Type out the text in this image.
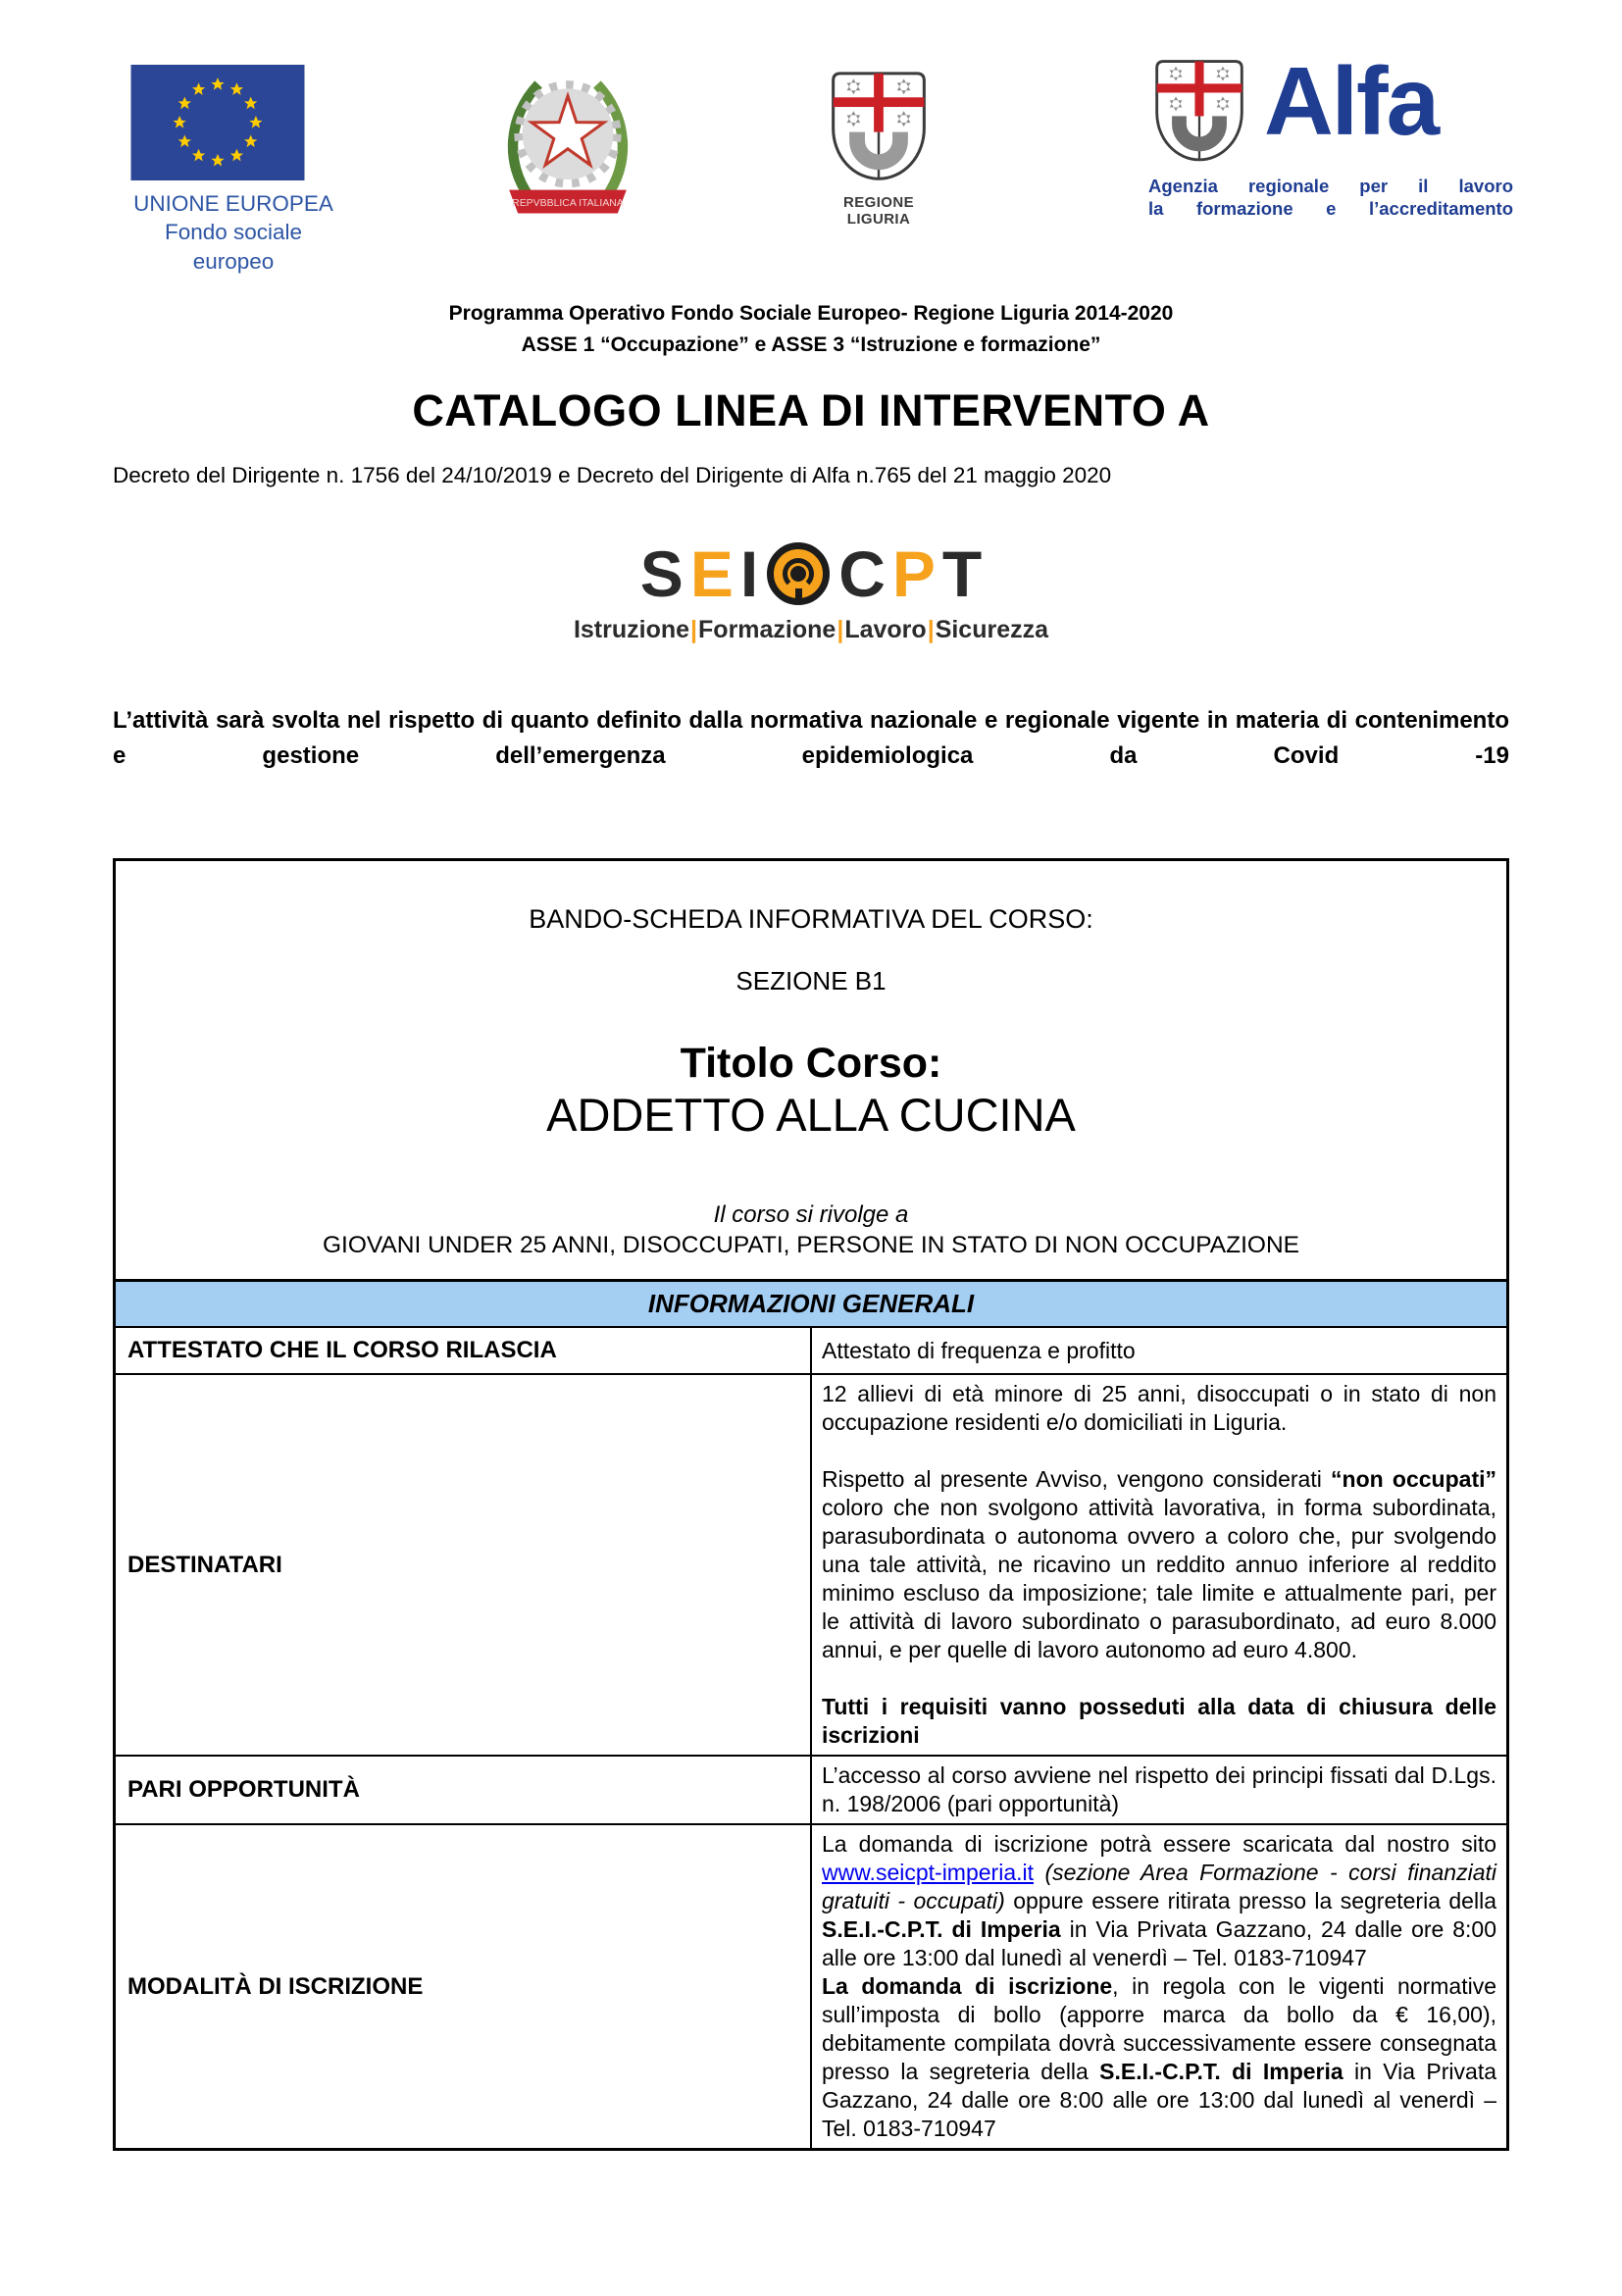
UNIONE EUROPEA
Fondo sociale europeo
REPVBBLICA ITALIANA	REGIONE LIGURIA
Alfa
Agenzia regionale per il lavoro
la formazione e l’accreditamento
Programma Operativo Fondo Sociale Europeo- Regione Liguria 2014-2020
ASSE 1 “Occupazione” e ASSE 3 “Istruzione e formazione”
CATALOGO LINEA DI INTERVENTO A
Decreto del Dirigente n. 1756 del 24/10/2019 e Decreto del Dirigente di Alfa n.765 del 21 maggio 2020
S E I C P T
Istruzione|Formazione|Lavoro|Sicurezza

L’attività sarà svolta nel rispetto di quanto definito dalla normativa nazionale e regionale vigente in materia di contenimento e gestione dell’emergenza epidemiologica da Covid -19

BANDO-SCHEDA INFORMATIVA DEL CORSO:
SEZIONE B1
Titolo Corso:
ADDETTO ALLA CUCINA
Il corso si rivolge a
GIOVANI UNDER 25 ANNI, DISOCCUPATI, PERSONE IN STATO DI NON OCCUPAZIONE
INFORMAZIONI GENERALI	
ATTESTATO CHE IL CORSO RILASCIA	Attestato di frequenza e profitto
DESTINATARI	12 allievi di età minore di 25 anni, disoccupati o in stato di non occupazione residenti e/o domiciliati in Liguria.

Rispetto al presente Avviso, vengono considerati “non occupati” coloro che non svolgono attività lavorativa, in forma subordinata, parasubordinata o autonoma ovvero a coloro che, pur svolgendo una tale attività, ne ricavino un reddito annuo inferiore al reddito minimo escluso da imposizione; tale limite e attualmente pari, per le attività di lavoro subordinato o parasubordinato, ad euro 8.000 annui, e per quelle di lavoro autonomo ad euro 4.800.

Tutti i requisiti vanno posseduti alla data di chiusura delle iscrizioni

PARI OPPORTUNITÀ	L’accesso al corso avviene nel rispetto dei principi fissati dal D.Lgs. n. 198/2006 (pari opportunità)
MODALITÀ DI ISCRIZIONE	La domanda di iscrizione potrà essere scaricata dal nostro sito www.seicpt-imperia.it (sezione Area Formazione - corsi finanziati gratuiti - occupati) oppure essere ritirata presso la segreteria della S.E.I.-C.P.T. di Imperia in Via Privata Gazzano, 24 dalle ore 8:00 alle ore 13:00 dal lunedì al venerdì – Tel. 0183-710947

La domanda di iscrizione, in regola con le vigenti normative sull’imposta di bollo (apporre marca da bollo da € 16,00), debitamente compilata dovrà successivamente essere consegnata presso la segreteria della S.E.I.-C.P.T. di Imperia in Via Privata Gazzano, 24 dalle ore 8:00 alle ore 13:00 dal lunedì al venerdì – Tel. 0183-710947
